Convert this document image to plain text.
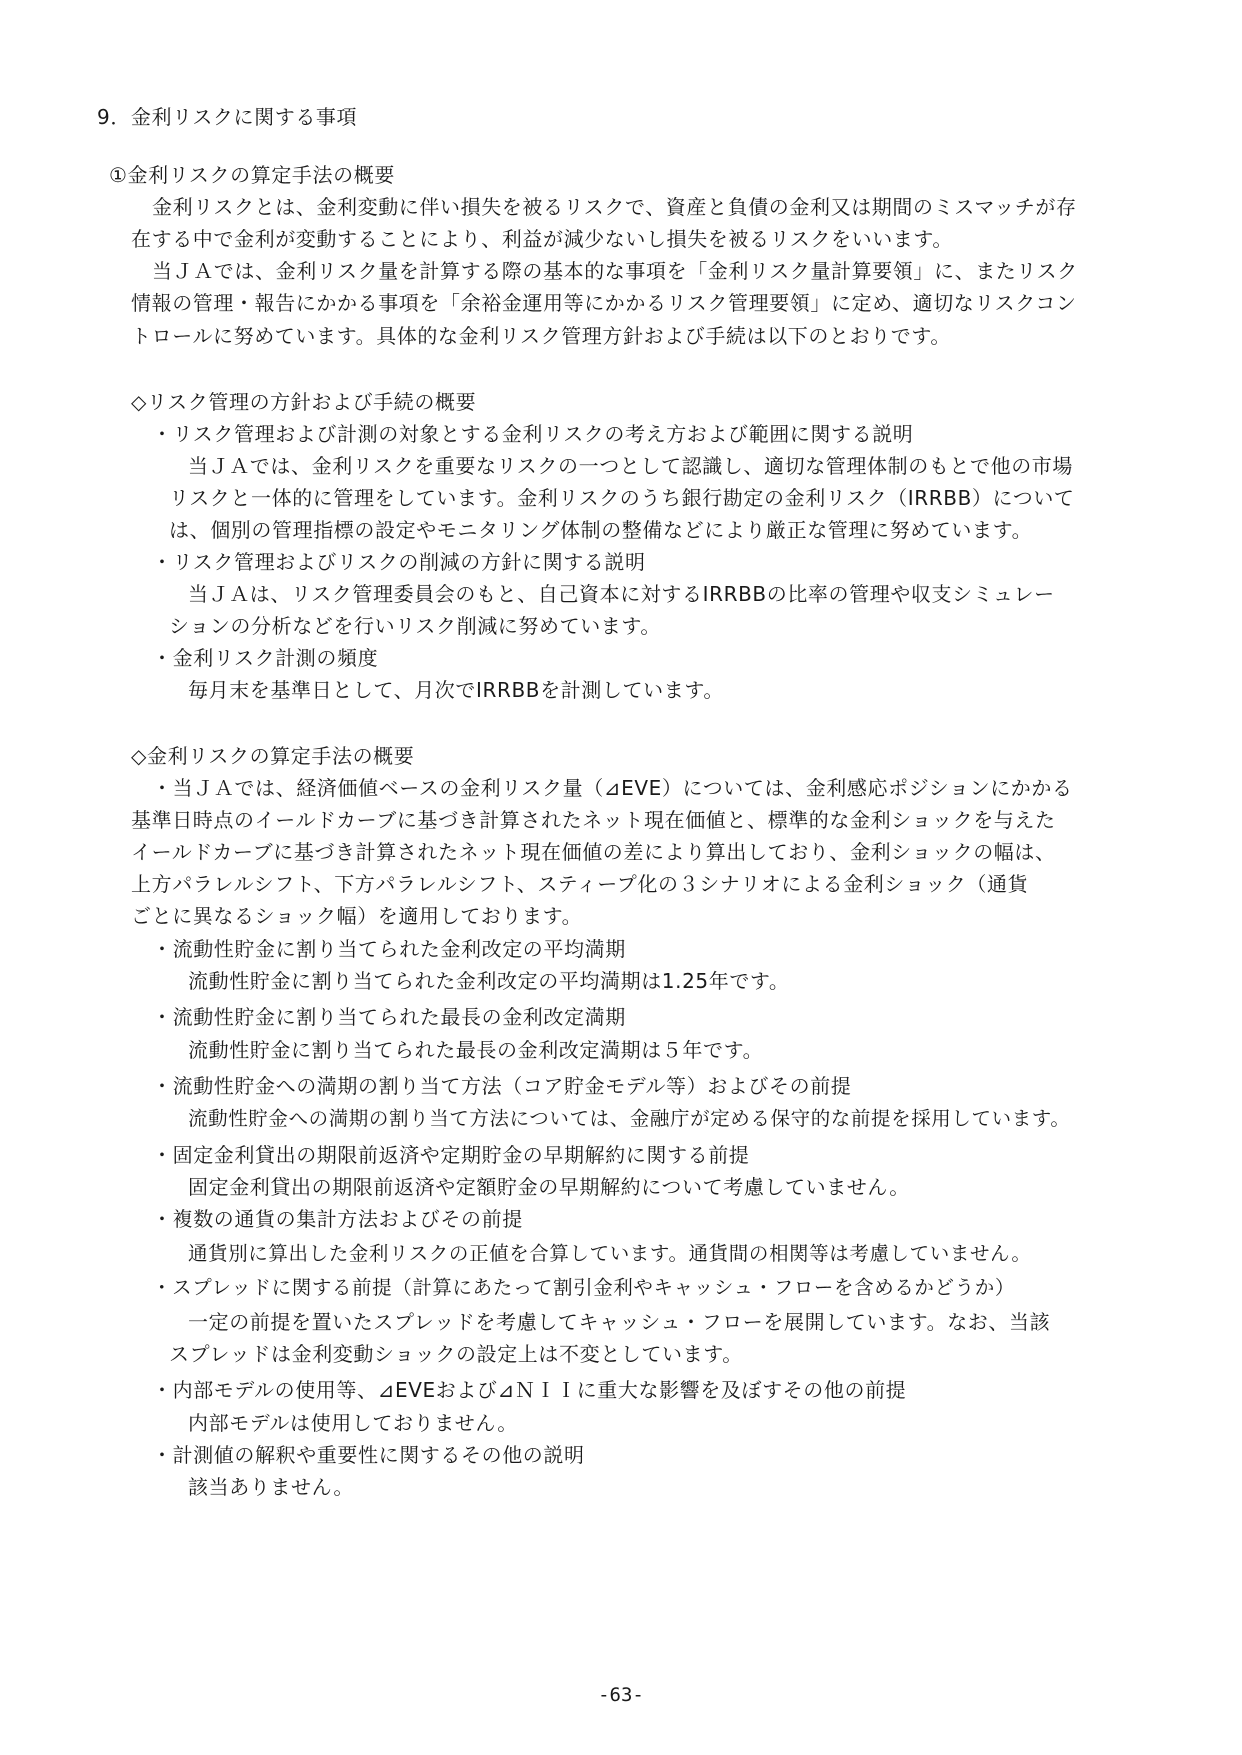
9．金利リスクに関する事項
①金利リスクの算定手法の概要
金利リスクとは、金利変動に伴い損失を被るリスクで、資産と負債の金利又は期間のミスマッチが存
在する中で金利が変動することにより、利益が減少ないし損失を被るリスクをいいます。
当ＪＡでは、金利リスク量を計算する際の基本的な事項を「金利リスク量計算要領」に、またリスク
情報の管理・報告にかかる事項を「余裕金運用等にかかるリスク管理要領」に定め、適切なリスクコン
トロールに努めています。具体的な金利リスク管理方針および手続は以下のとおりです。
◇リスク管理の方針および手続の概要
・リスク管理および計測の対象とする金利リスクの考え方および範囲に関する説明
当ＪＡでは、金利リスクを重要なリスクの一つとして認識し、適切な管理体制のもとで他の市場
リスクと一体的に管理をしています。金利リスクのうち銀行勘定の金利リスク（IRRBB）について
は、個別の管理指標の設定やモニタリング体制の整備などにより厳正な管理に努めています。
・リスク管理およびリスクの削減の方針に関する説明
当ＪＡは、リスク管理委員会のもと、自己資本に対するIRRBBの比率の管理や収支シミュレー
ションの分析などを行いリスク削減に努めています。
・金利リスク計測の頻度
毎月末を基準日として、月次でIRRBBを計測しています。
◇金利リスクの算定手法の概要
・当ＪＡでは、経済価値ベースの金利リスク量（⊿EVE）については、金利感応ポジションにかかる
基準日時点のイールドカーブに基づき計算されたネット現在価値と、標準的な金利ショックを与えた
イールドカーブに基づき計算されたネット現在価値の差により算出しており、金利ショックの幅は、
上方パラレルシフト、下方パラレルシフト、スティープ化の３シナリオによる金利ショック（通貨
ごとに異なるショック幅）を適用しております。
・流動性貯金に割り当てられた金利改定の平均満期
流動性貯金に割り当てられた金利改定の平均満期は1.25年です。
・流動性貯金に割り当てられた最長の金利改定満期
流動性貯金に割り当てられた最長の金利改定満期は５年です。
・流動性貯金への満期の割り当て方法（コア貯金モデル等）およびその前提
流動性貯金への満期の割り当て方法については、金融庁が定める保守的な前提を採用しています。
・固定金利貸出の期限前返済や定期貯金の早期解約に関する前提
固定金利貸出の期限前返済や定額貯金の早期解約について考慮していません。
・複数の通貨の集計方法およびその前提
通貨別に算出した金利リスクの正値を合算しています。通貨間の相関等は考慮していません。
・スプレッドに関する前提（計算にあたって割引金利やキャッシュ・フローを含めるかどうか）
一定の前提を置いたスプレッドを考慮してキャッシュ・フローを展開しています。なお、当該
スプレッドは金利変動ショックの設定上は不変としています。
・内部モデルの使用等、⊿EVEおよび⊿ＮＩＩに重大な影響を及ぼすその他の前提
内部モデルは使用しておりません。
・計測値の解釈や重要性に関するその他の説明
該当ありません。
-63-
